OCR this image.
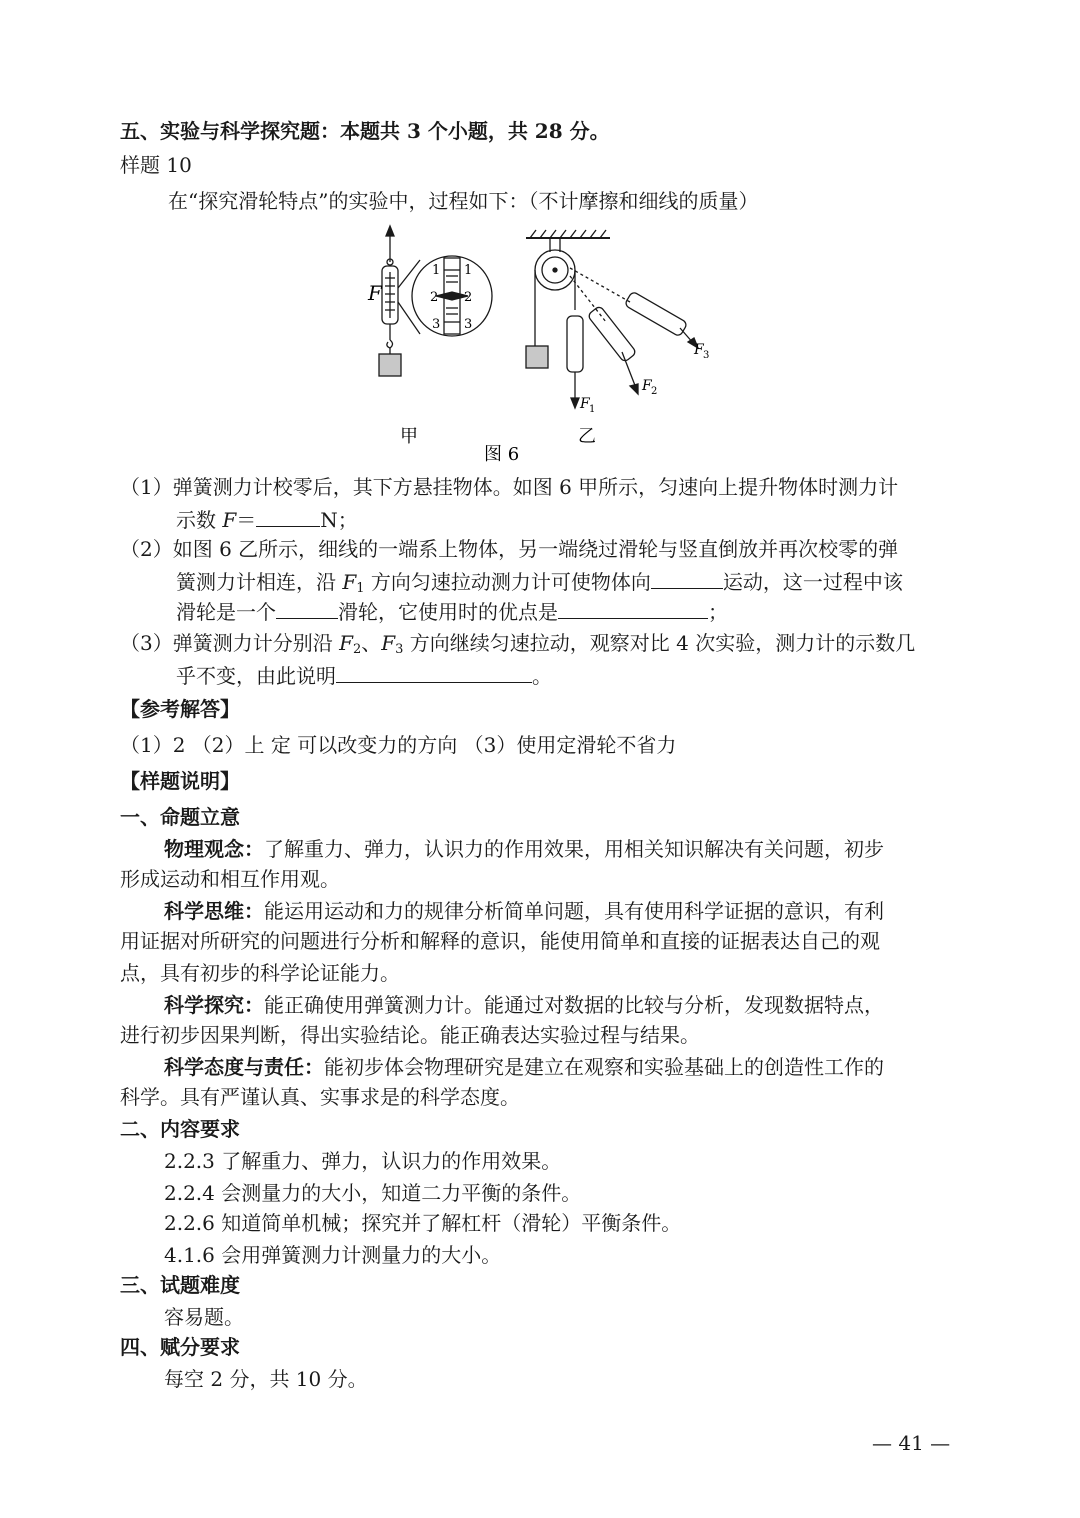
五、实验与科学探究题：本题共 3 个小题，共 28 分。
样题 10
在“探究滑轮特点”的实验中，过程如下：（不计摩擦和细线的质量）
F
1 1
2 2
3 3
F 1
F 2
F 3
甲	乙
图 6
（1）弹簧测力计校零后，其下方悬挂物体。如图 6 甲所示，匀速向上提升物体时测力计
示数 F＝	N；
（2）如图 6 乙所示，细线的一端系上物体，另一端绕过滑轮与竖直倒放并再次校零的弹
簧测力计相连，沿 $F_1$ 方向匀速拉动测力计可使物体向	运动，这一过程中该
滑轮是一个	滑轮，它使用时的优点是	；
（3）弹簧测力计分别沿 $F_2$、$F_3$ 方向继续匀速拉动，观察对比 4 次实验，测力计的示数几
乎不变，由此说明	。
【参考解答】
（1）2 （2）上 定 可以改变力的方向 （3）使用定滑轮不省力
【样题说明】
一、命题立意
物理观念：了解重力、弹力，认识力的作用效果，用相关知识解决有关问题，初步
形成运动和相互作用观。
科学思维：能运用运动和力的规律分析简单问题，具有使用科学证据的意识，有利
用证据对所研究的问题进行分析和解释的意识，能使用简单和直接的证据表达自己的观
点，具有初步的科学论证能力。
科学探究：能正确使用弹簧测力计。能通过对数据的比较与分析，发现数据特点，
进行初步因果判断，得出实验结论。能正确表达实验过程与结果。
科学态度与责任：能初步体会物理研究是建立在观察和实验基础上的创造性工作的
科学。具有严谨认真、实事求是的科学态度。
二、内容要求
2.2.3 了解重力、弹力，认识力的作用效果。
2.2.4 会测量力的大小，知道二力平衡的条件。
2.2.6 知道简单机械；探究并了解杠杆（滑轮）平衡条件。
4.1.6 会用弹簧测力计测量力的大小。
三、试题难度
容易题。
四、赋分要求
每空 2 分，共 10 分。
— 41 —
